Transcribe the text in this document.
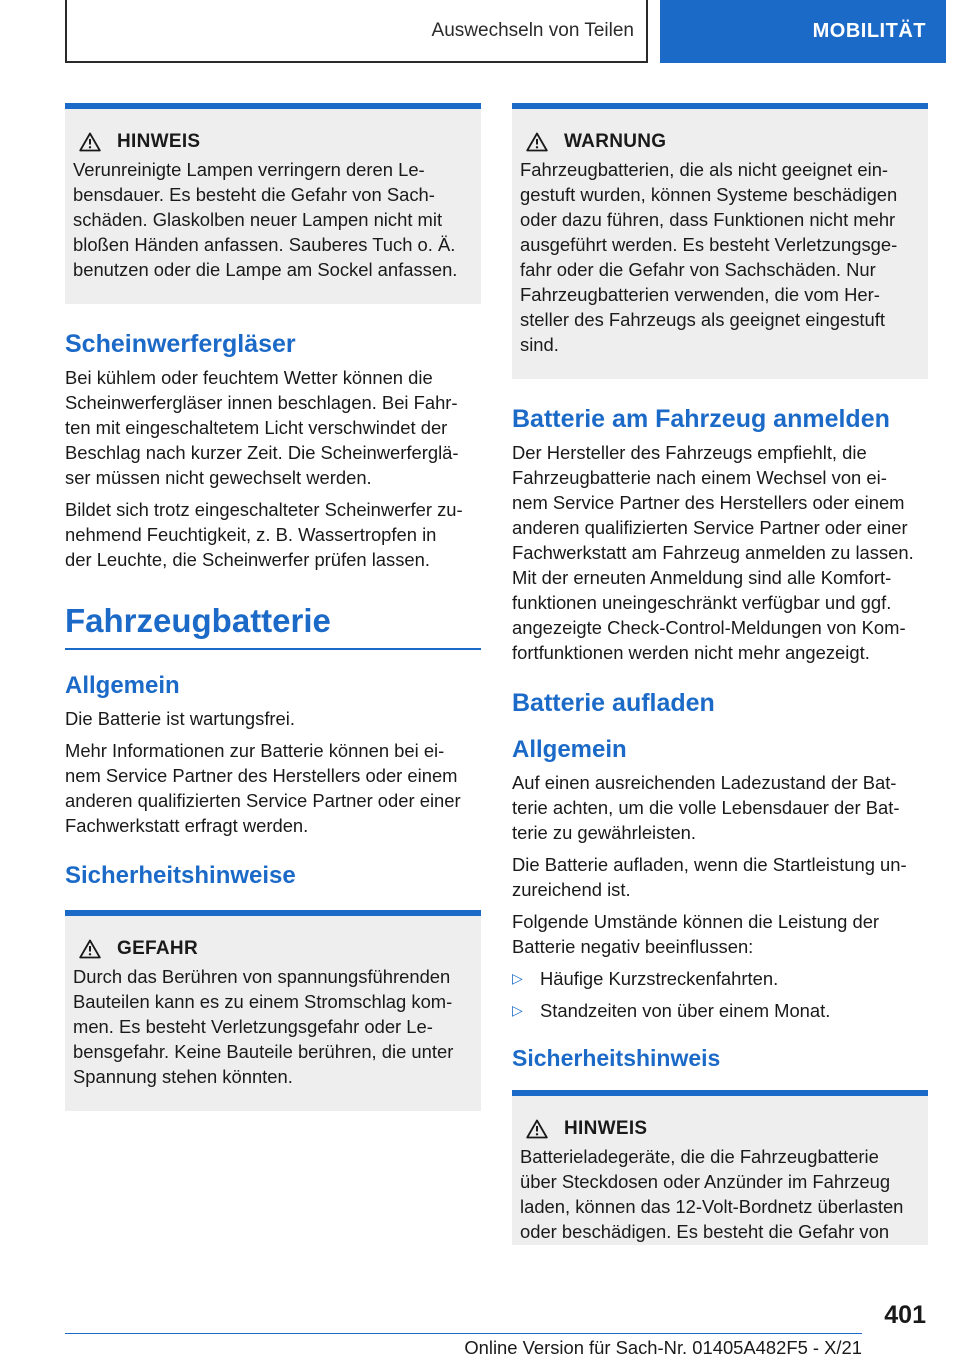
Auswechseln von Teilen	MOBILITÄT
HINWEIS
Verunreinigte Lampen verringern deren Le-
bensdauer. Es besteht die Gefahr von Sach-
schäden. Glaskolben neuer Lampen nicht mit
bloßen Händen anfassen. Sauberes Tuch o. Ä.
benutzen oder die Lampe am Sockel anfassen.
Scheinwerfergläser
Bei kühlem oder feuchtem Wetter können die
Scheinwerfergläser innen beschlagen. Bei Fahr-
ten mit eingeschaltetem Licht verschwindet der
Beschlag nach kurzer Zeit. Die Scheinwerferglä-
ser müssen nicht gewechselt werden.
Bildet sich trotz eingeschalteter Scheinwerfer zu-
nehmend Feuchtigkeit, z. B. Wassertropfen in
der Leuchte, die Scheinwerfer prüfen lassen.
Fahrzeugbatterie
Allgemein
Die Batterie ist wartungsfrei.
Mehr Informationen zur Batterie können bei ei-
nem Service Partner des Herstellers oder einem
anderen qualifizierten Service Partner oder einer
Fachwerkstatt erfragt werden.
Sicherheitshinweise
GEFAHR
Durch das Berühren von spannungsführenden
Bauteilen kann es zu einem Stromschlag kom-
men. Es besteht Verletzungsgefahr oder Le-
bensgefahr. Keine Bauteile berühren, die unter
Spannung stehen könnten.
WARNUNG
Fahrzeugbatterien, die als nicht geeignet ein-
gestuft wurden, können Systeme beschädigen
oder dazu führen, dass Funktionen nicht mehr
ausgeführt werden. Es besteht Verletzungsge-
fahr oder die Gefahr von Sachschäden. Nur
Fahrzeugbatterien verwenden, die vom Her-
steller des Fahrzeugs als geeignet eingestuft
sind.
Batterie am Fahrzeug anmelden
Der Hersteller des Fahrzeugs empfiehlt, die
Fahrzeugbatterie nach einem Wechsel von ei-
nem Service Partner des Herstellers oder einem
anderen qualifizierten Service Partner oder einer
Fachwerkstatt am Fahrzeug anmelden zu lassen.
Mit der erneuten Anmeldung sind alle Komfort-
funktionen uneingeschränkt verfügbar und ggf.
angezeigte Check-Control-Meldungen von Kom-
fortfunktionen werden nicht mehr angezeigt.
Batterie aufladen
Allgemein
Auf einen ausreichenden Ladezustand der Bat-
terie achten, um die volle Lebensdauer der Bat-
terie zu gewährleisten.
Die Batterie aufladen, wenn die Startleistung un-
zureichend ist.
Folgende Umstände können die Leistung der
Batterie negativ beeinflussen:
▷ Häufige Kurzstreckenfahrten.
▷ Standzeiten von über einem Monat.
Sicherheitshinweis
HINWEIS
Batterieladegeräte, die die Fahrzeugbatterie
über Steckdosen oder Anzünder im Fahrzeug
laden, können das 12-Volt-Bordnetz überlasten
oder beschädigen. Es besteht die Gefahr von
401
Online Version für Sach-Nr. 01405A482F5 - X/21
